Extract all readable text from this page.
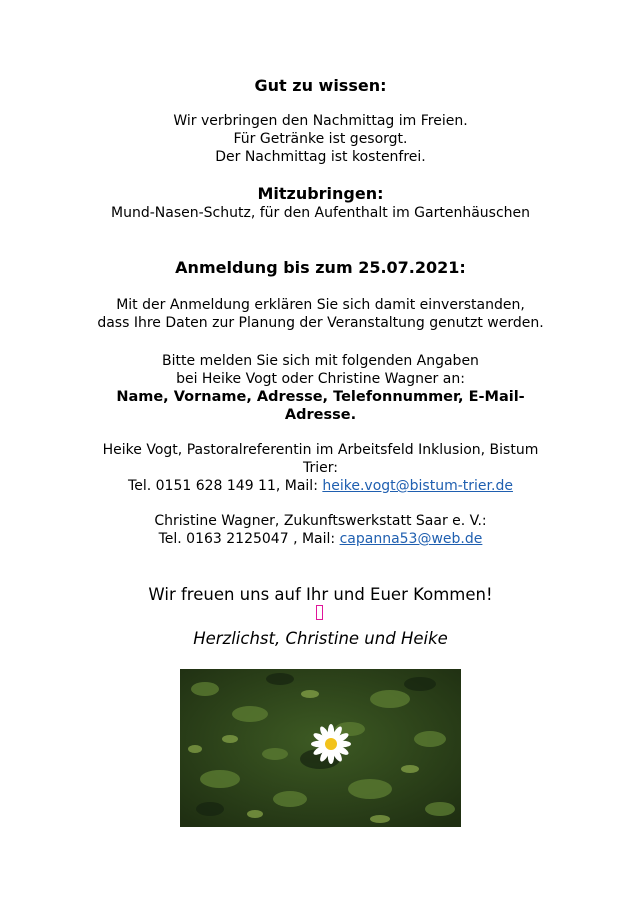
Gut zu wissen:
Wir verbringen den Nachmittag im Freien.
Für Getränke ist gesorgt.
Der Nachmittag ist kostenfrei.
Mitzubringen:
Mund-Nasen-Schutz, für den Aufenthalt im Gartenhäuschen
Anmeldung bis zum 25.07.2021:
Mit der Anmeldung erklären Sie sich damit einverstanden,
dass Ihre Daten zur Planung der Veranstaltung genutzt werden.
Bitte melden Sie sich mit folgenden Angaben
bei Heike Vogt oder Christine Wagner an:
Name, Vorname, Adresse, Telefonnummer, E-Mail-
Adresse.
Heike Vogt, Pastoralreferentin im Arbeitsfeld Inklusion, Bistum
Trier:
Tel. 0151 628 149 11, Mail: heike.vogt@bistum-trier.de
Christine Wagner, Zukunftswerkstatt Saar e. V.:
Tel. 0163 2125047 , Mail: capanna53@web.de
Wir freuen uns auf Ihr und Euer Kommen!
Herzlichst, Christine und Heike
